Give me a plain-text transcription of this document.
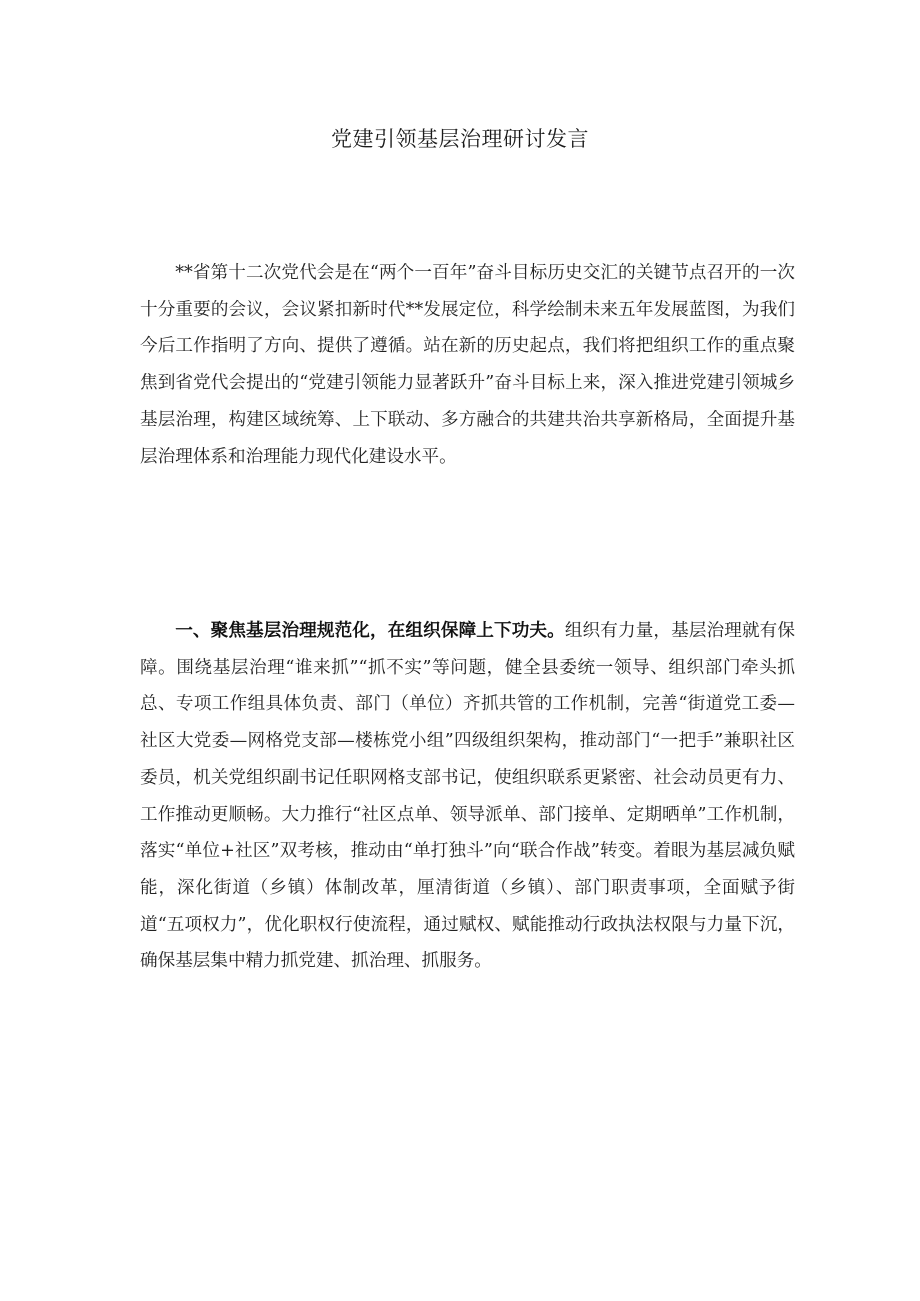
党建引领基层治理研讨发言

**省第十二次党代会是在“两个一百年”奋斗目标历史交汇的关键节点召开的一次十分重要的会议，会议紧扣新时代**发展定位，科学绘制未来五年发展蓝图，为我们今后工作指明了方向、提供了遵循。站在新的历史起点，我们将把组织工作的重点聚焦到省党代会提出的“党建引领能力显著跃升”奋斗目标上来，深入推进党建引领城乡基层治理，构建区域统筹、上下联动、多方融合的共建共治共享新格局，全面提升基层治理体系和治理能力现代化建设水平。

一、聚焦基层治理规范化，在组织保障上下功夫。组织有力量，基层治理就有保障。围绕基层治理“谁来抓”“抓不实”等问题，健全县委统一领导、组织部门牵头抓总、专项工作组具体负责、部门（单位）齐抓共管的工作机制，完善“街道党工委—社区大党委—网格党支部—楼栋党小组”四级组织架构，推动部门“一把手”兼职社区委员，机关党组织副书记任职网格支部书记，使组织联系更紧密、社会动员更有力、工作推动更顺畅。大力推行“社区点单、领导派单、部门接单、定期晒单”工作机制，落实“单位+社区”双考核，推动由“单打独斗”向“联合作战”转变。着眼为基层减负赋能，深化街道（乡镇）体制改革，厘清街道（乡镇）、部门职责事项，全面赋予街道“五项权力”，优化职权行使流程，通过赋权、赋能推动行政执法权限与力量下沉，确保基层集中精力抓党建、抓治理、抓服务。
